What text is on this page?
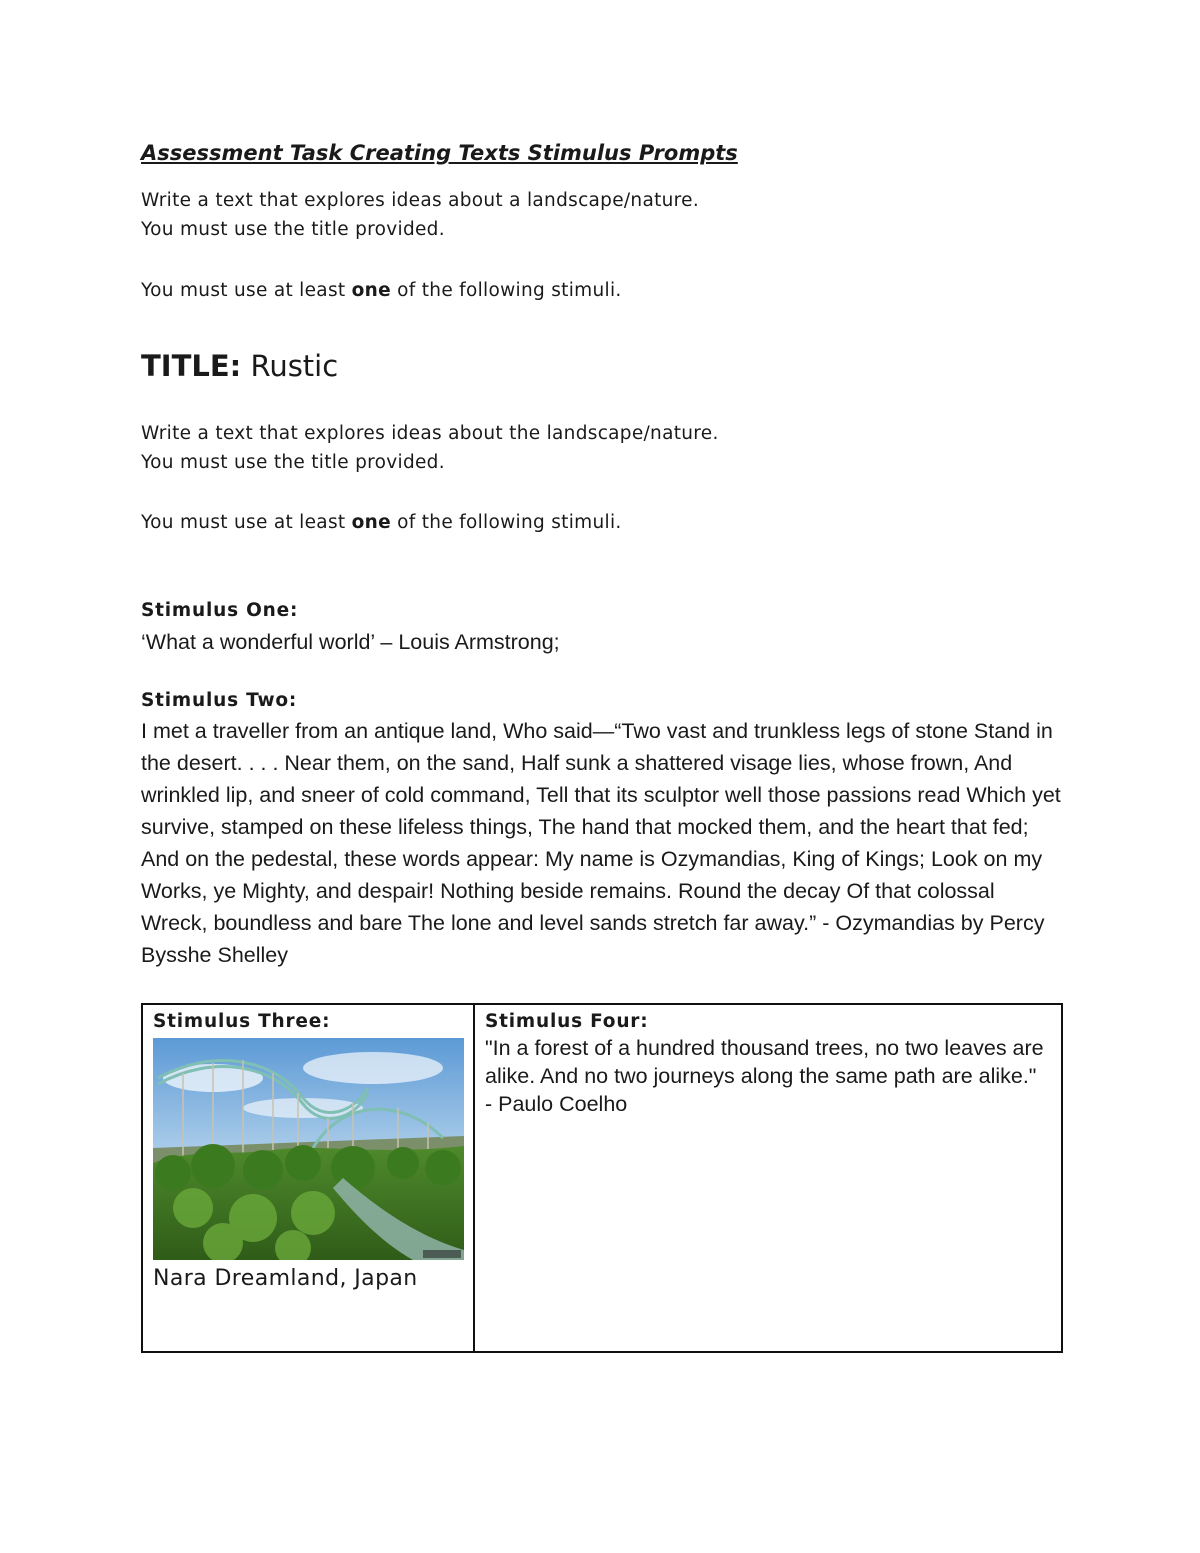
Assessment Task Creating Texts Stimulus Prompts
Write a text that explores ideas about a landscape/nature.
You must use the title provided.
You must use at least one of the following stimuli.
TITLE: Rustic
Write a text that explores ideas about the landscape/nature.
You must use the title provided.
You must use at least one of the following stimuli.
Stimulus One:
‘What a wonderful world’ – Louis Armstrong;
Stimulus Two:
I met a traveller from an antique land, Who said—“Two vast and trunkless legs of stone Stand in the desert. . . . Near them, on the sand, Half sunk a shattered visage lies, whose frown, And wrinkled lip, and sneer of cold command, Tell that its sculptor well those passions read Which yet survive, stamped on these lifeless things, The hand that mocked them, and the heart that fed; And on the pedestal, these words appear: My name is Ozymandias, King of Kings; Look on my Works, ye Mighty, and despair! Nothing beside remains. Round the decay Of that colossal Wreck, boundless and bare The lone and level sands stretch far away.” - Ozymandias by Percy Bysshe Shelley
Stimulus Three:
Nara Dreamland, Japan

Stimulus Four:
"In a forest of a hundred thousand trees, no two leaves are alike. And no two journeys along the same path are alike." - Paulo Coelho
